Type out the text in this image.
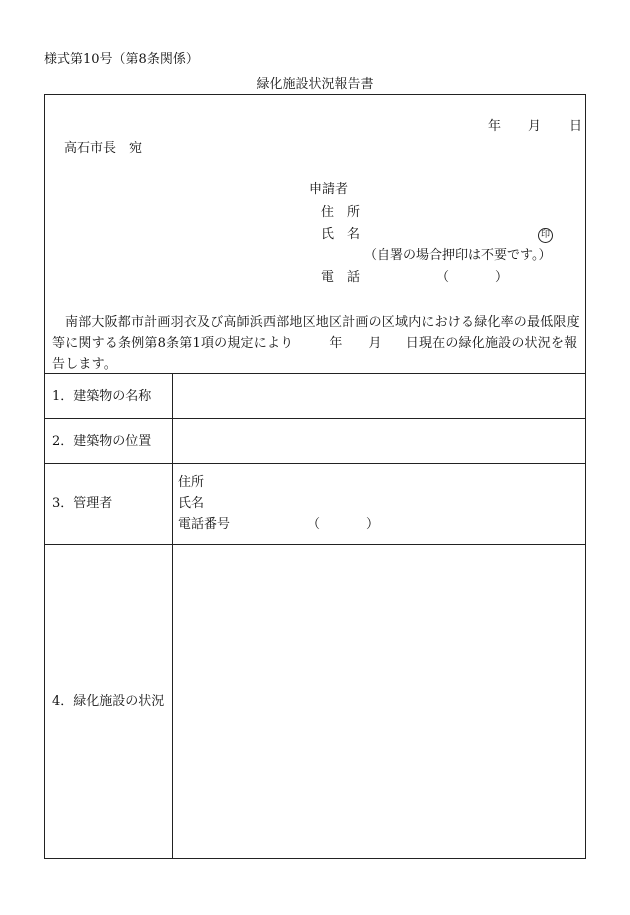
様式第10号（第8条関係）
緑化施設状況報告書
年 月 日
高石市長　宛
申請者
住　所
氏　名	印
（自署の場合押印は不要です。）
電　話	（	）
南部大阪都市計画羽衣及び高師浜西部地区地区計画の区域内における緑化率の最低限度等に関する条例第8条第1項の規定により	年 月 日現在の緑化施設の状況を報告します。
1．建築物の名称
2．建築物の位置
3．管理者
住所
氏名
電話番号	（	）
4．緑化施設の状況
